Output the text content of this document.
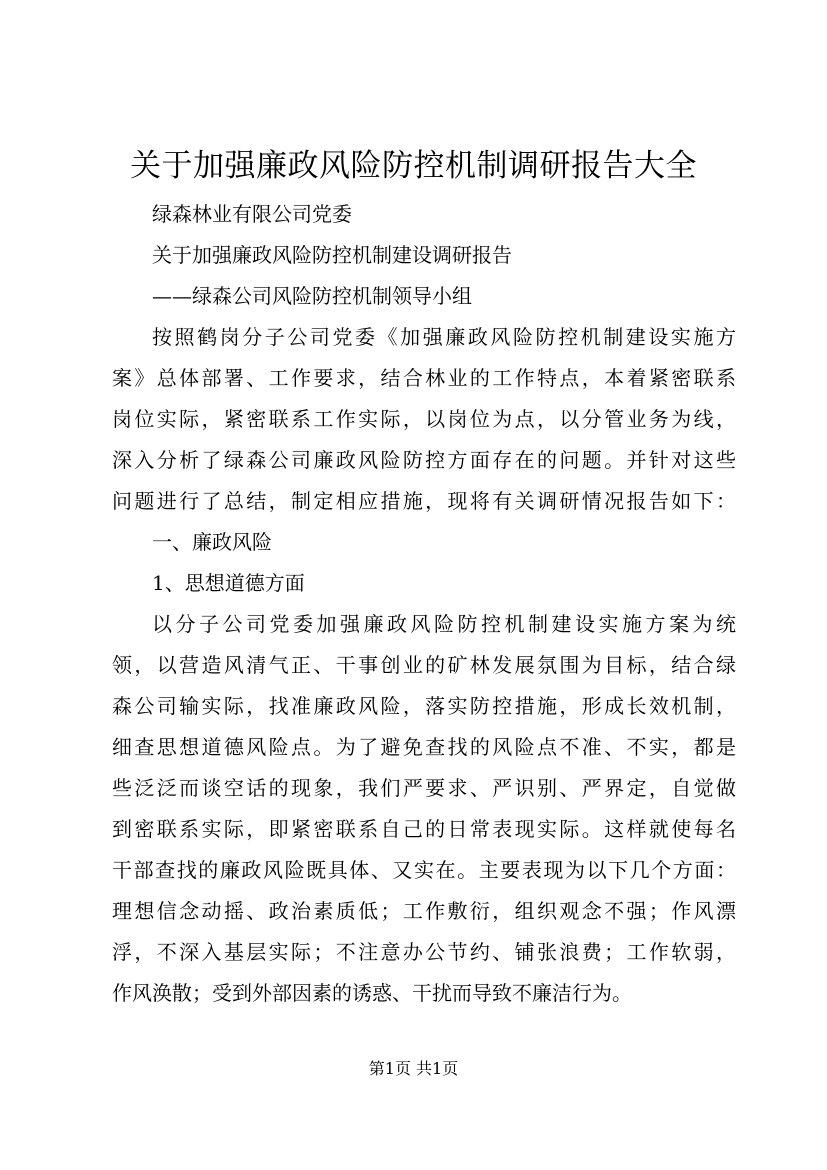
关于加强廉政风险防控机制调研报告大全
绿森林业有限公司党委
关于加强廉政风险防控机制建设调研报告
——绿森公司风险防控机制领导小组
按照鹤岗分子公司党委《加强廉政风险防控机制建设实施方
案》总体部署、工作要求，结合林业的工作特点，本着紧密联系
岗位实际，紧密联系工作实际，以岗位为点，以分管业务为线，
深入分析了绿森公司廉政风险防控方面存在的问题。并针对这些
问题进行了总结，制定相应措施，现将有关调研情况报告如下：
一、廉政风险
1、思想道德方面
以分子公司党委加强廉政风险防控机制建设实施方案为统
领，以营造风清气正、干事创业的矿林发展氛围为目标，结合绿
森公司输实际，找准廉政风险，落实防控措施，形成长效机制，
细查思想道德风险点。为了避免查找的风险点不准、不实，都是
些泛泛而谈空话的现象，我们严要求、严识别、严界定，自觉做
到密联系实际，即紧密联系自己的日常表现实际。这样就使每名
干部查找的廉政风险既具体、又实在。主要表现为以下几个方面：
理想信念动摇、政治素质低；工作敷衍，组织观念不强；作风漂
浮，不深入基层实际；不注意办公节约、铺张浪费；工作软弱，
作风涣散；受到外部因素的诱惑、干扰而导致不廉洁行为。
第1页 共1页
